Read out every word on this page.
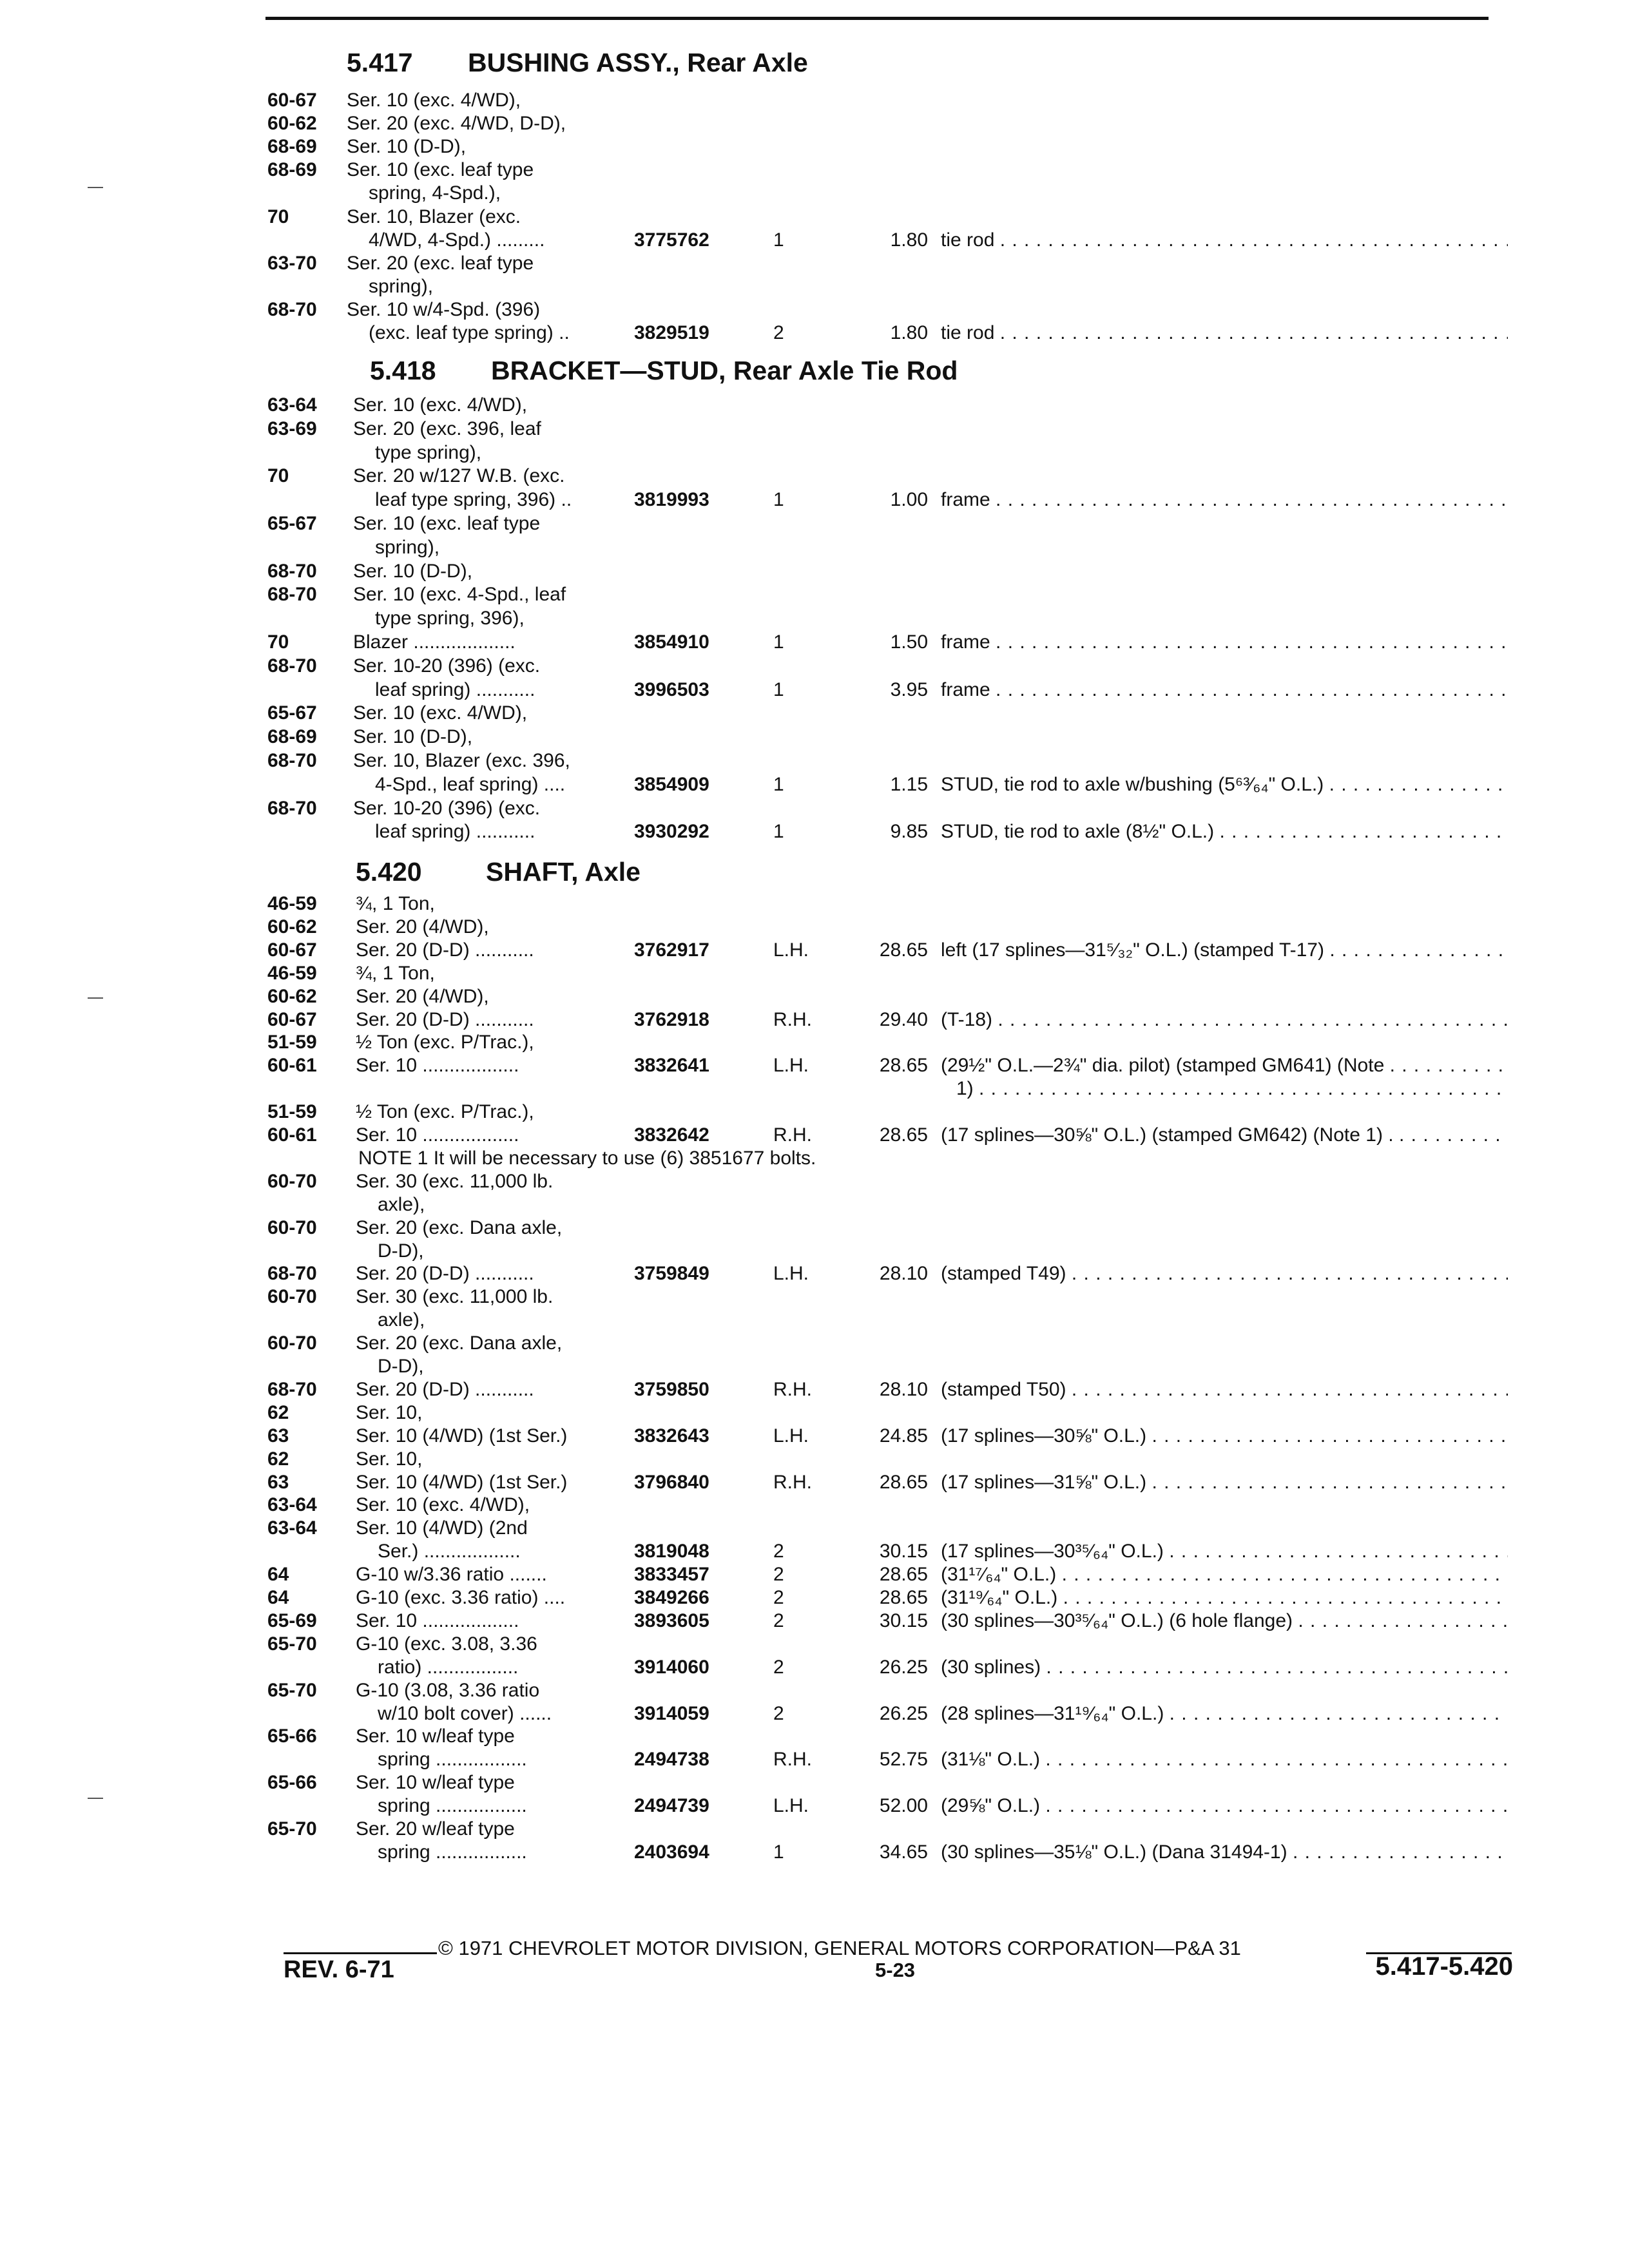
5.417 BUSHING ASSY., Rear Axle
60-67 Ser. 10 (exc. 4/WD),
60-62 Ser. 20 (exc. 4/WD, D-D),
68-69 Ser. 10 (D-D),
68-69 Ser. 10 (exc. leaf type
spring, 4-Spd.),
70	Ser. 10, Blazer (exc.
4/WD, 4-Spd.) .........	3775762	1	1.80 tie rod . . .
63-70 Ser. 20 (exc. leaf type
spring),
68-70 Ser. 10 w/4-Spd. (396)
(exc. leaf type spring) ..	3829519	2	1.80 tie rod . . .
5.418 BRACKET—STUD, Rear Axle Tie Rod
63-64 Ser. 10 (exc. 4/WD),
63-69 Ser. 20 (exc. 396, leaf
type spring),
70	Ser. 20 w/127 W.B. (exc.
leaf type spring, 396) ..	3819993	1	1.00 frame . . .
65-67 Ser. 10 (exc. leaf type
spring),
68-70 Ser. 10 (D-D),
68-70 Ser. 10 (exc. 4-Spd., leaf
type spring, 396),
70	Blazer ...................	3854910	1	1.50 frame . . .
68-70 Ser. 10-20 (396) (exc.
leaf spring) ...........	3996503	1	3.95 frame . . .
65-67 Ser. 10 (exc. 4/WD),
68-69 Ser. 10 (D-D),
68-70 Ser. 10, Blazer (exc. 396,
4-Spd., leaf spring) ....	3854909	1	1.15 STUD, tie rod to axle w/bushing (5⁶³⁄₆₄" O.L.) . . .
68-70 Ser. 10-20 (396) (exc.
leaf spring) ...........	3930292	1	9.85 STUD, tie rod to axle (8½" O.L.) . . .
5.420 SHAFT, Axle
46-59 ¾, 1 Ton,
60-62 Ser. 20 (4/WD),
60-67 Ser. 20 (D-D) ...........	3762917	L.H.	28.65 left (17 splines—31⁵⁄₃₂" O.L.) (stamped T-17) . . .
46-59 ¾, 1 Ton,
60-62 Ser. 20 (4/WD),
60-67 Ser. 20 (D-D) ...........	3762918	R.H.	29.40 (T-18) . . .
51-59 ½ Ton (exc. P/Trac.),
60-61 Ser. 10 ..................	3832641	L.H.	28.65 (29½" O.L.—2¾" dia. pilot) (stamped GM641) (Note . . .
1) . . .
51-59 ½ Ton (exc. P/Trac.),
60-61 Ser. 10 ..................	3832642	R.H.	28.65 (17 splines—30⅝" O.L.) (stamped GM642) (Note 1) . . . .
NOTE 1 It will be necessary to use (6) 3851677 bolts.
60-70 Ser. 30 (exc. 11,000 lb.
axle),
60-70 Ser. 20 (exc. Dana axle,
D-D),
68-70 Ser. 20 (D-D) ...........	3759849	L.H.	28.10 (stamped T49) . . .
60-70 Ser. 30 (exc. 11,000 lb.
axle),
60-70 Ser. 20 (exc. Dana axle,
D-D),
68-70 Ser. 20 (D-D) ...........	3759850	R.H.	28.10 (stamped T50) . . .
62	Ser. 10,
63	Ser. 10 (4/WD) (1st Ser.)	3832643	L.H.	24.85 (17 splines—30⅝" O.L.) . . .
62	Ser. 10,
63	Ser. 10 (4/WD) (1st Ser.)	3796840	R.H.	28.65 (17 splines—31⅝" O.L.) . . .
63-64 Ser. 10 (exc. 4/WD),
63-64 Ser. 10 (4/WD) (2nd
Ser.) ..................	3819048	2	30.15 (17 splines—30³⁵⁄₆₄" O.L.) . . .
64	G-10 w/3.36 ratio .......	3833457	2	28.65 (31¹⁷⁄₆₄" O.L.) . . .
64	G-10 (exc. 3.36 ratio) ....	3849266	2	28.65 (31¹⁹⁄₆₄" O.L.) . . .
65-69 Ser. 10 ..................	3893605	2	30.15 (30 splines—30³⁵⁄₆₄" O.L.) (6 hole flange) . . .
65-70 G-10 (exc. 3.08, 3.36
ratio) .................	3914060	2	26.25 (30 splines) . . .
65-70 G-10 (3.08, 3.36 ratio
w/10 bolt cover) ......	3914059	2	26.25 (28 splines—31¹⁹⁄₆₄" O.L.) . . .
65-66 Ser. 10 w/leaf type
spring .................	2494738	R.H.	52.75 (31⅛" O.L.) . . .
65-66 Ser. 10 w/leaf type
spring .................	2494739	L.H.	52.00 (29⅝" O.L.) . . .
65-70 Ser. 20 w/leaf type
spring .................	2403694	1	34.65 (30 splines—35⅛" O.L.) (Dana 31494-1) . . .
© 1971 CHEVROLET MOTOR DIVISION, GENERAL MOTORS CORPORATION—P&A 31
REV. 6-71	5-23	5.417-5.420
